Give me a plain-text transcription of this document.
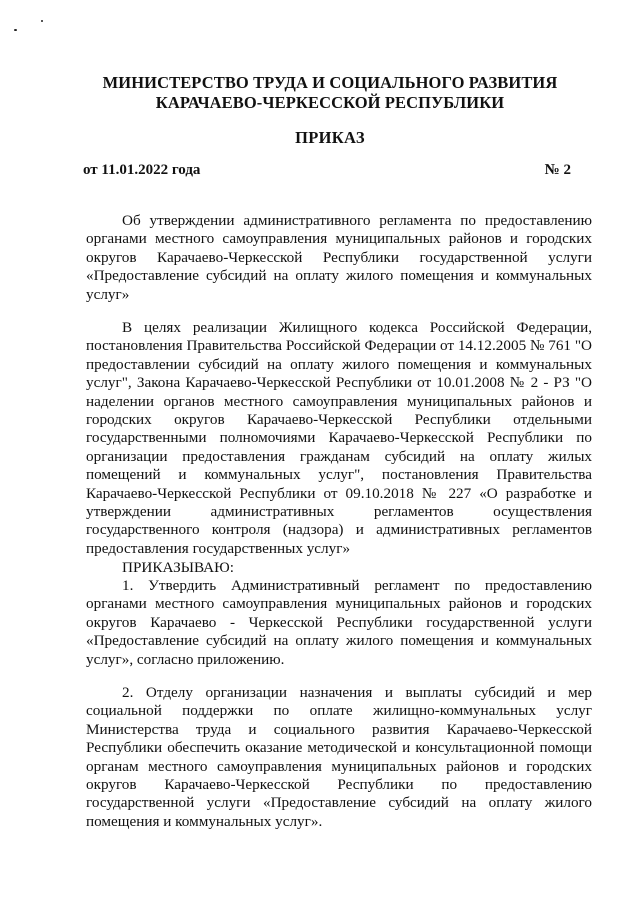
МИНИСТЕРСТВО ТРУДА И СОЦИАЛЬНОГО РАЗВИТИЯ
КАРАЧАЕВО-ЧЕРКЕССКОЙ РЕСПУБЛИКИ
ПРИКАЗ
от 11.01.2022 года	№ 2

Об утверждении административного регламента по предоставлению органами местного самоуправления муниципальных районов и городских округов Карачаево-Черкесской Республики государственной услуги «Предоставление субсидий на оплату жилого помещения и коммунальных услуг»

В целях реализации Жилищного кодекса Российской Федерации, постановления Правительства Российской Федерации от 14.12.2005 № 761 "О предоставлении субсидий на оплату жилого помещения и коммунальных услуг", Закона Карачаево-Черкесской Республики от 10.01.2008 № 2 - РЗ "О наделении органов местного самоуправления муниципальных районов и городских округов Карачаево-Черкесской Республики отдельными государственными полномочиями Карачаево-Черкесской Республики по организации предоставления гражданам субсидий на оплату жилых помещений и коммунальных услуг", постановления Правительства Карачаево-Черкесской Республики от 09.10.2018 № 227 «О разработке и утверждении административных регламентов осуществления государственного контроля (надзора) и административных регламентов предоставления государственных услуг»

ПРИКАЗЫВАЮ:

1. Утвердить Административный регламент по предоставлению органами местного самоуправления муниципальных районов и городских округов Карачаево - Черкесской Республики государственной услуги «Предоставление субсидий на оплату жилого помещения и коммунальных услуг», согласно приложению.

2. Отделу организации назначения и выплаты субсидий и мер социальной поддержки по оплате жилищно-коммунальных услуг Министерства труда и социального развития Карачаево-Черкесской Республики обеспечить оказание методической и консультационной помощи органам местного самоуправления муниципальных районов и городских округов Карачаево-Черкесской Республики по предоставлению государственной услуги «Предоставление субсидий на оплату жилого помещения и коммунальных услуг».
